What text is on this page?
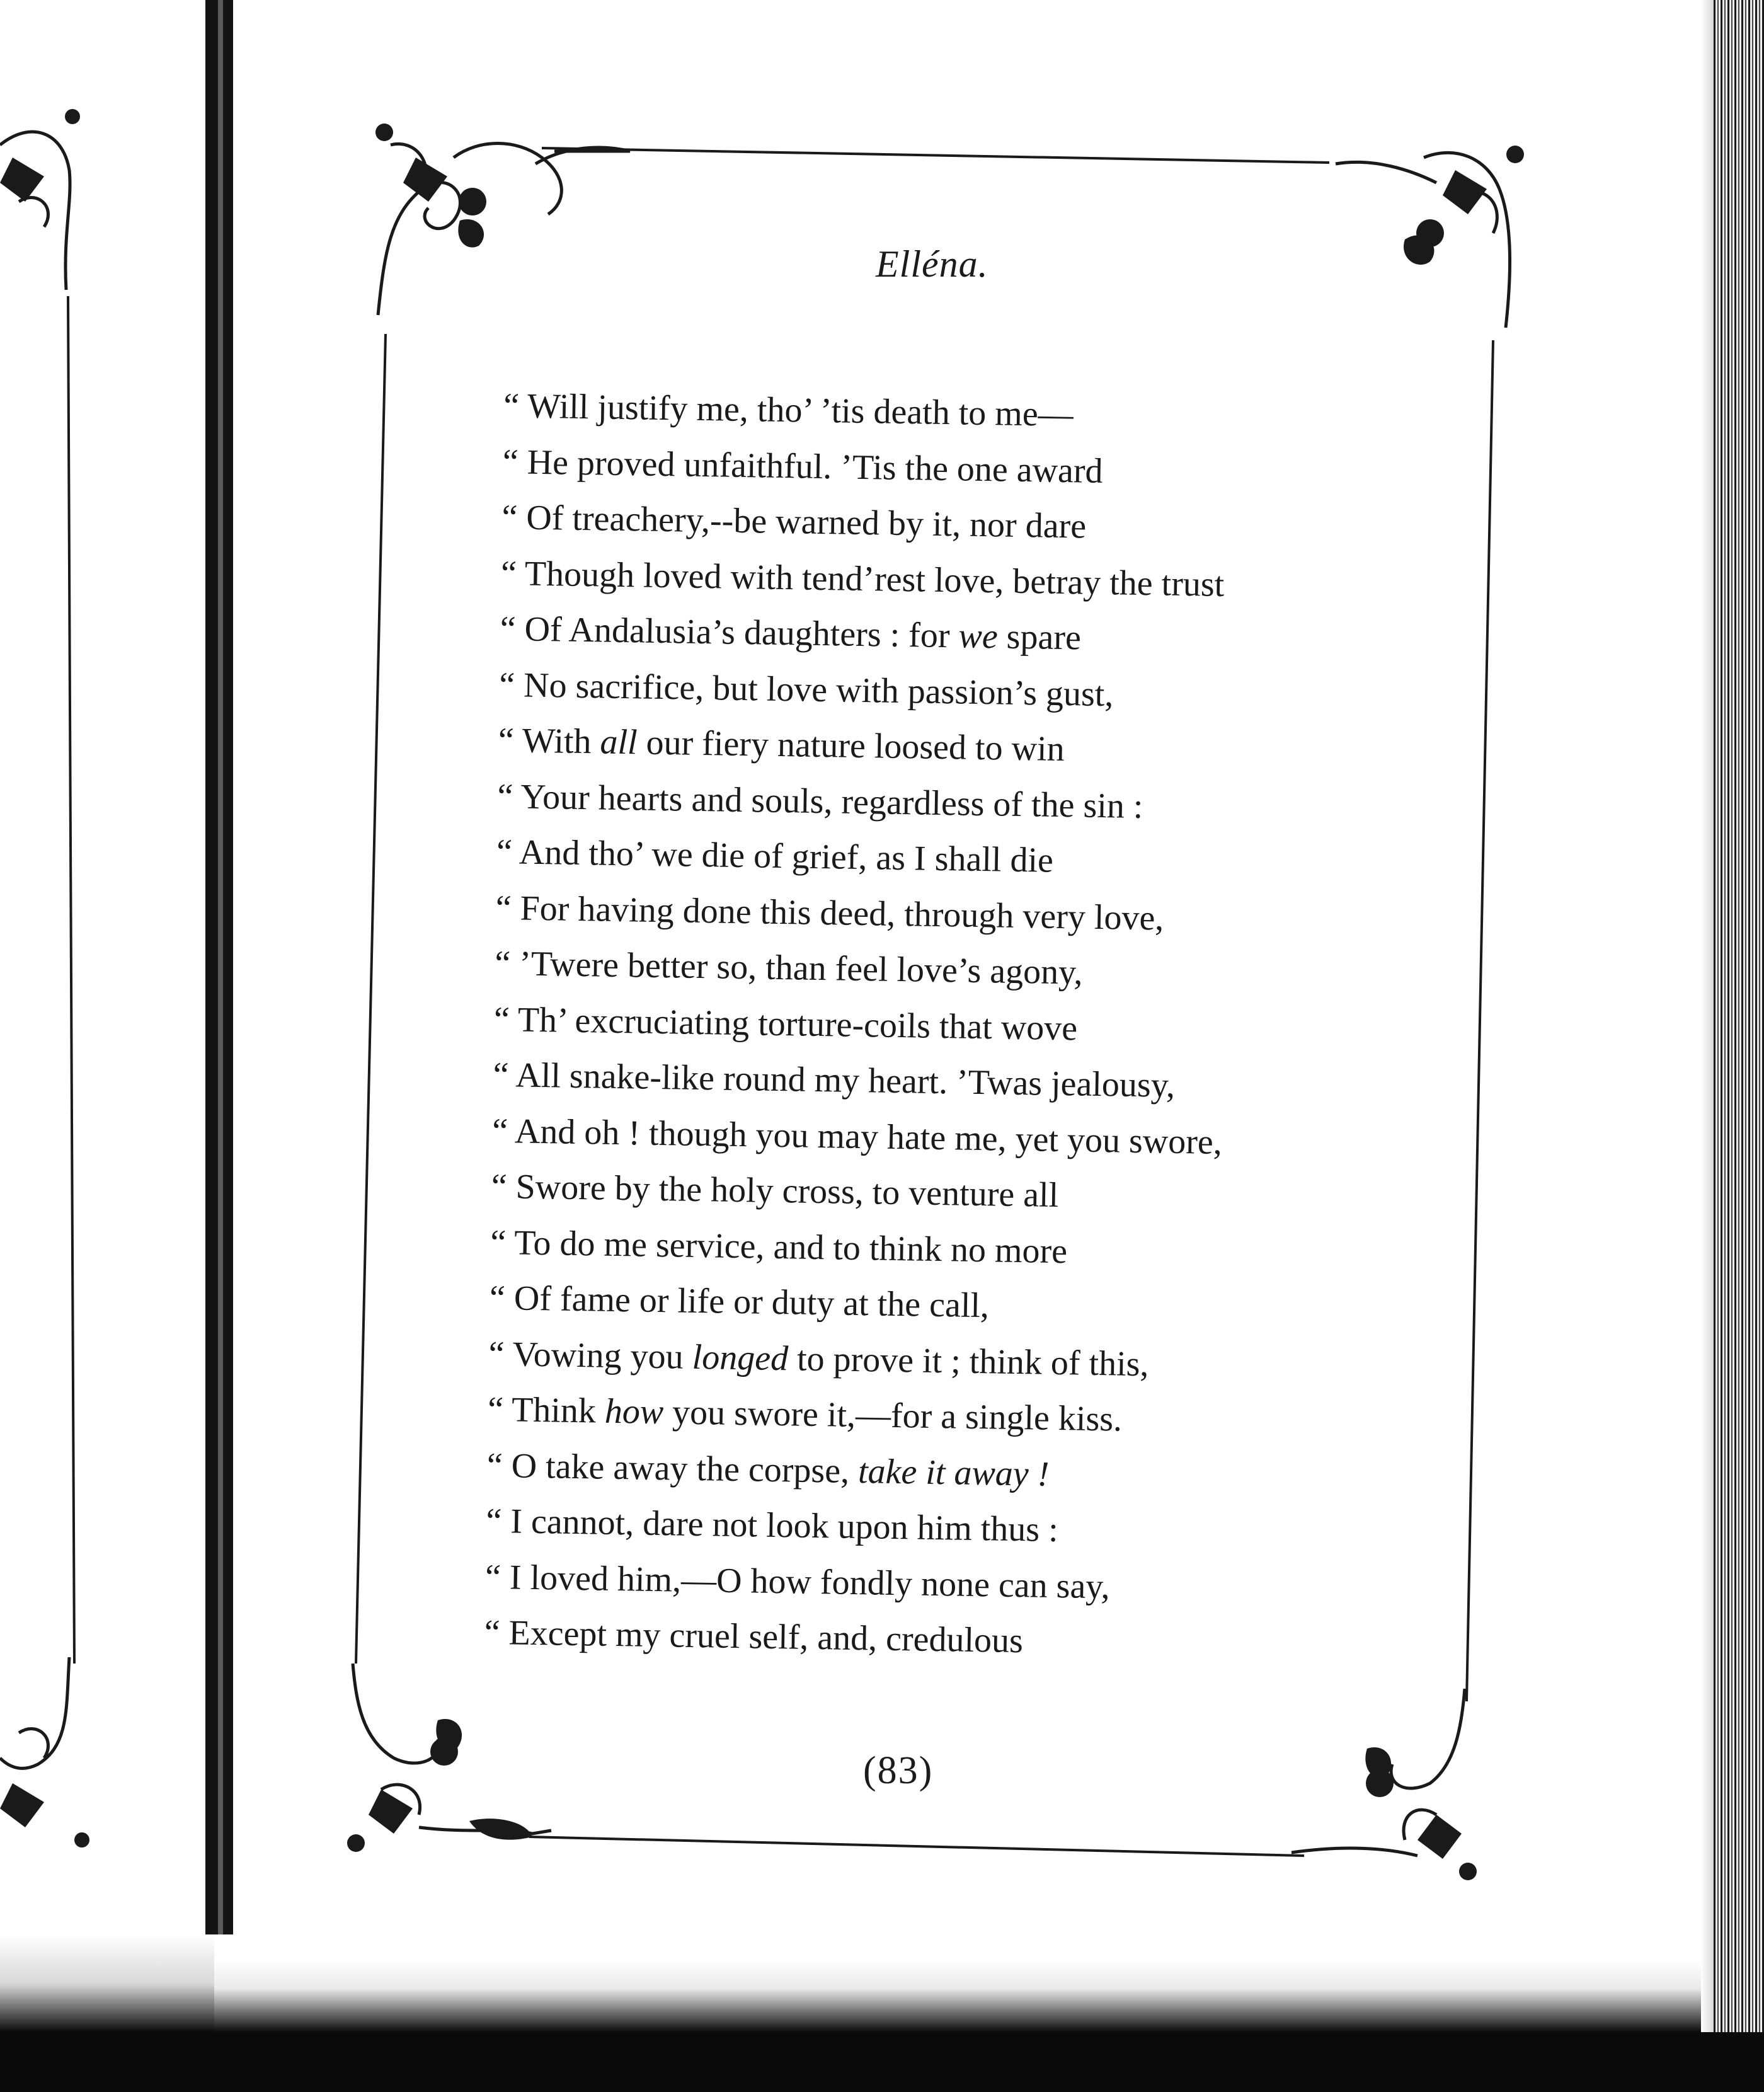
Elléna.
“ Will justify me, tho’ ’tis death to me—
“ He proved unfaithful. ’Tis the one award
“ Of treachery,--be warned by it, nor dare
“ Though loved with tend’rest love, betray the trust
“ Of Andalusia’s daughters : for we spare
“ No sacrifice, but love with passion’s gust,
“ With all our fiery nature loosed to win
“ Your hearts and souls, regardless of the sin :
“ And tho’ we die of grief, as I shall die
“ For having done this deed, through very love,
“ ’Twere better so, than feel love’s agony,
“ Th’ excruciating torture-coils that wove
“ All snake-like round my heart. ’Twas jealousy,
“ And oh ! though you may hate me, yet you swore,
“ Swore by the holy cross, to venture all
“ To do me service, and to think no more
“ Of fame or life or duty at the call,
“ Vowing you longed to prove it ; think of this,
“ Think how you swore it,—for a single kiss.
“ O take away the corpse, take it away !
“ I cannot, dare not look upon him thus :
“ I loved him,—O how fondly none can say,
“ Except my cruel self, and, credulous
(83)
